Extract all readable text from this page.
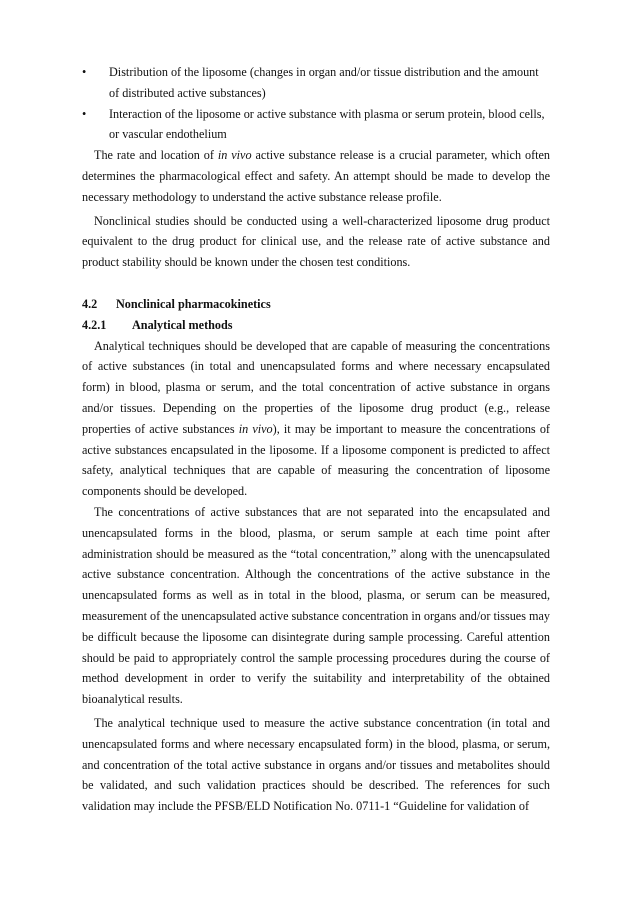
•	Distribution of the liposome (changes in organ and/or tissue distribution and the amount of distributed active substances)
•	Interaction of the liposome or active substance with plasma or serum protein, blood cells, or vascular endothelium

The rate and location of in vivo active substance release is a crucial parameter, which often determines the pharmacological effect and safety. An attempt should be made to develop the necessary methodology to understand the active substance release profile.

Nonclinical studies should be conducted using a well-characterized liposome drug product equivalent to the drug product for clinical use, and the release rate of active substance and product stability should be known under the chosen test conditions.

4.2	Nonclinical pharmacokinetics
4.2.1	Analytical methods

Analytical techniques should be developed that are capable of measuring the concentrations of active substances (in total and unencapsulated forms and where necessary encapsulated form) in blood, plasma or serum, and the total concentration of active substance in organs and/or tissues. Depending on the properties of the liposome drug product (e.g., release properties of active substances in vivo), it may be important to measure the concentrations of active substances encapsulated in the liposome. If a liposome component is predicted to affect safety, analytical techniques that are capable of measuring the concentration of liposome components should be developed.

The concentrations of active substances that are not separated into the encapsulated and unencapsulated forms in the blood, plasma, or serum sample at each time point after administration should be measured as the “total concentration,” along with the unencapsulated active substance concentration. Although the concentrations of the active substance in the unencapsulated forms as well as in total in the blood, plasma, or serum can be measured, measurement of the unencapsulated active substance concentration in organs and/or tissues may be difficult because the liposome can disintegrate during sample processing. Careful attention should be paid to appropriately control the sample processing procedures during the course of method development in order to verify the suitability and interpretability of the obtained bioanalytical results.

The analytical technique used to measure the active substance concentration (in total and unencapsulated forms and where necessary encapsulated form) in the blood, plasma, or serum, and concentration of the total active substance in organs and/or tissues and metabolites should be validated, and such validation practices should be described. The references for such validation may include the PFSB/ELD Notification No. 0711-1 “Guideline for validation of
